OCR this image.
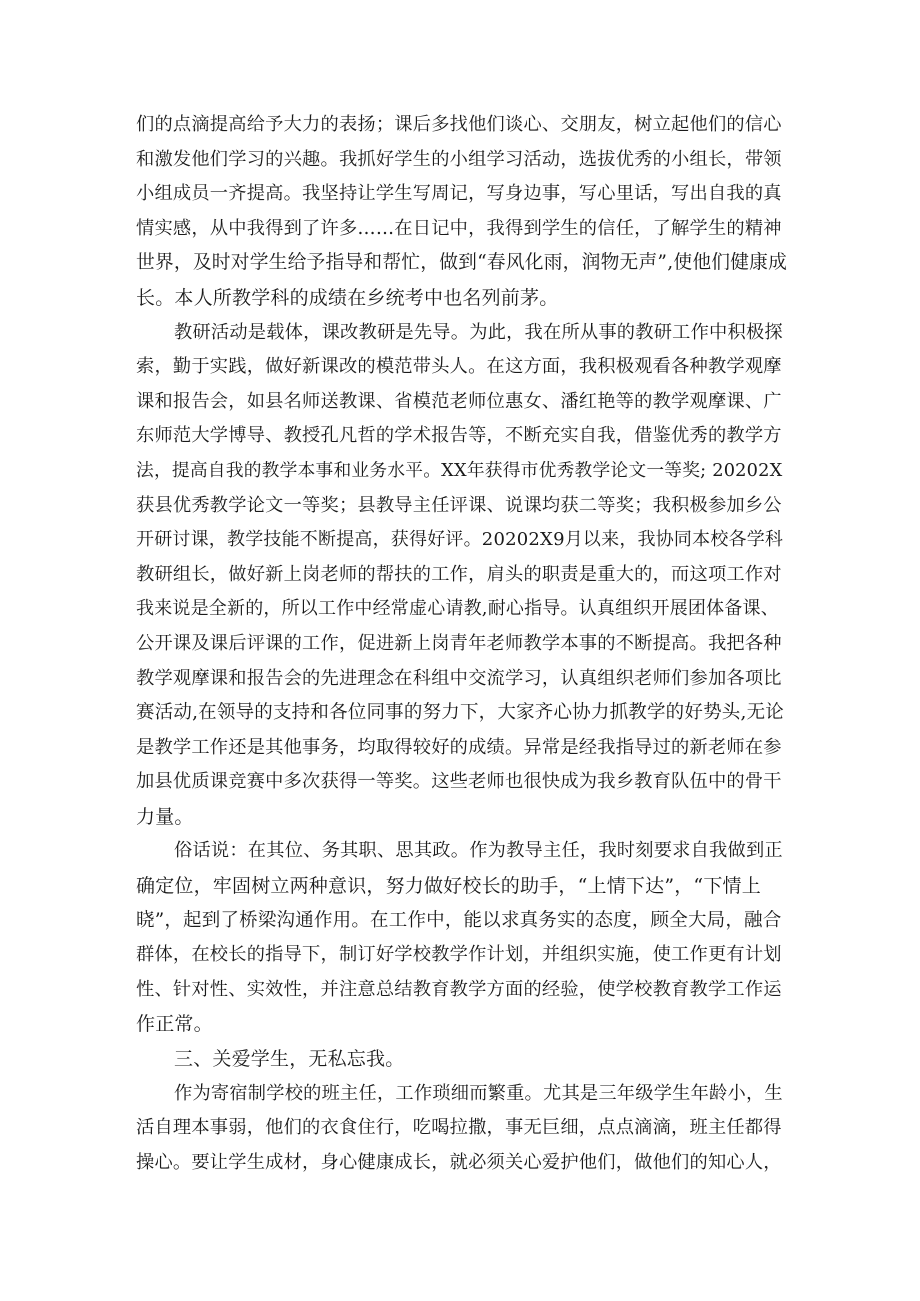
们的点滴提高给予大力的表扬；课后多找他们谈心、交朋友，树立起他们的信心
和激发他们学习的兴趣。我抓好学生的小组学习活动，选拔优秀的小组长，带领
小组成员一齐提高。我坚持让学生写周记，写身边事，写心里话，写出自我的真
情实感，从中我得到了许多……在日记中，我得到学生的信任，了解学生的精神
世界，及时对学生给予指导和帮忙，做到“春风化雨，润物无声”,使他们健康成
长。本人所教学科的成绩在乡统考中也名列前茅。
教研活动是载体，课改教研是先导。为此，我在所从事的教研工作中积极探
索，勤于实践，做好新课改的模范带头人。在这方面，我积极观看各种教学观摩
课和报告会，如县名师送教课、省模范老师位惠女、潘红艳等的教学观摩课、广
东师范大学博导、教授孔凡哲的学术报告等，不断充实自我，借鉴优秀的教学方
法，提高自我的教学本事和业务水平。XX年获得市优秀教学论文一等奖; 20202X
获县优秀教学论文一等奖；县教导主任评课、说课均获二等奖；我积极参加乡公
开研讨课，教学技能不断提高，获得好评。20202X9月以来，我协同本校各学科
教研组长，做好新上岗老师的帮扶的工作，肩头的职责是重大的，而这项工作对
我来说是全新的，所以工作中经常虚心请教,耐心指导。认真组织开展团体备课、
公开课及课后评课的工作，促进新上岗青年老师教学本事的不断提高。我把各种
教学观摩课和报告会的先进理念在科组中交流学习，认真组织老师们参加各项比
赛活动,在领导的支持和各位同事的努力下，大家齐心协力抓教学的好势头,无论
是教学工作还是其他事务，均取得较好的成绩。异常是经我指导过的新老师在参
加县优质课竞赛中多次获得一等奖。这些老师也很快成为我乡教育队伍中的骨干
力量。
俗话说：在其位、务其职、思其政。作为教导主任，我时刻要求自我做到正
确定位，牢固树立两种意识，努力做好校长的助手，“上情下达”，“下情上
晓”，起到了桥梁沟通作用。在工作中，能以求真务实的态度，顾全大局，融合
群体，在校长的指导下，制订好学校教学作计划，并组织实施，使工作更有计划
性、针对性、实效性，并注意总结教育教学方面的经验，使学校教育教学工作运
作正常。
三、关爱学生，无私忘我。
作为寄宿制学校的班主任，工作琐细而繁重。尤其是三年级学生年龄小，生
活自理本事弱，他们的衣食住行，吃喝拉撒，事无巨细，点点滴滴，班主任都得
操心。要让学生成材，身心健康成长，就必须关心爱护他们，做他们的知心人，
